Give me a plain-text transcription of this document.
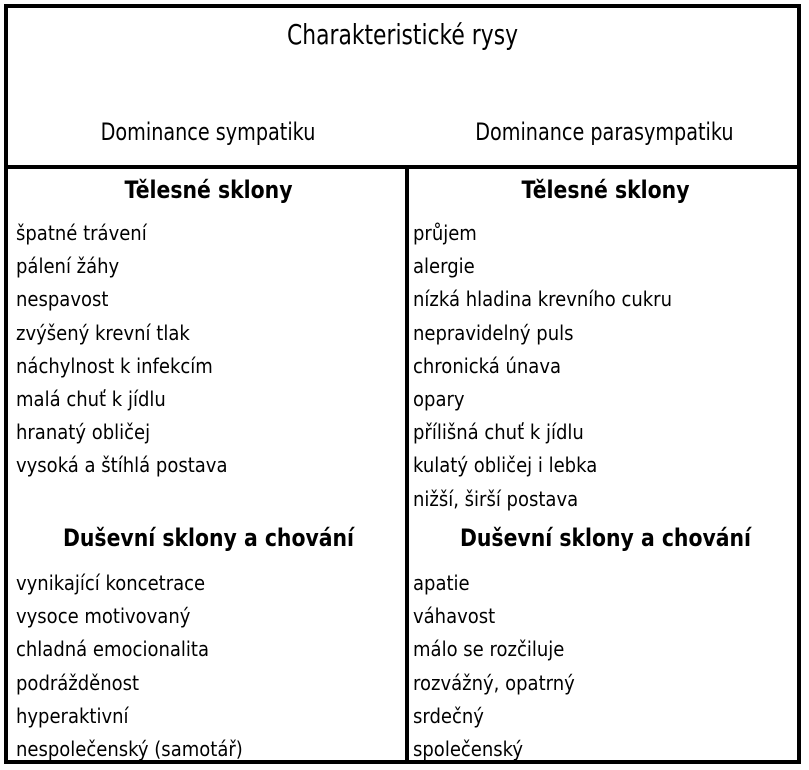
Charakteristické rysy
Dominance sympatiku	Dominance parasympatiku
Tělesné sklony
špatné trávení
pálení žáhy
nespavost
zvýšený krevní tlak
náchylnost k infekcím
malá chuť k jídlu
hranatý obličej
vysoká a štíhlá postava
Duševní sklony a chování
vynikající koncetrace
vysoce motivovaný
chladná emocionalita
podrážděnost
hyperaktivní
nespolečenský (samotář)
Tělesné sklony
průjem
alergie
nízká hladina krevního cukru
nepravidelný puls
chronická únava
opary
přílišná chuť k jídlu
kulatý obličej i lebka
nižší, širší postava
Duševní sklony a chování
apatie
váhavost
málo se rozčiluje
rozvážný, opatrný
srdečný
společenský
